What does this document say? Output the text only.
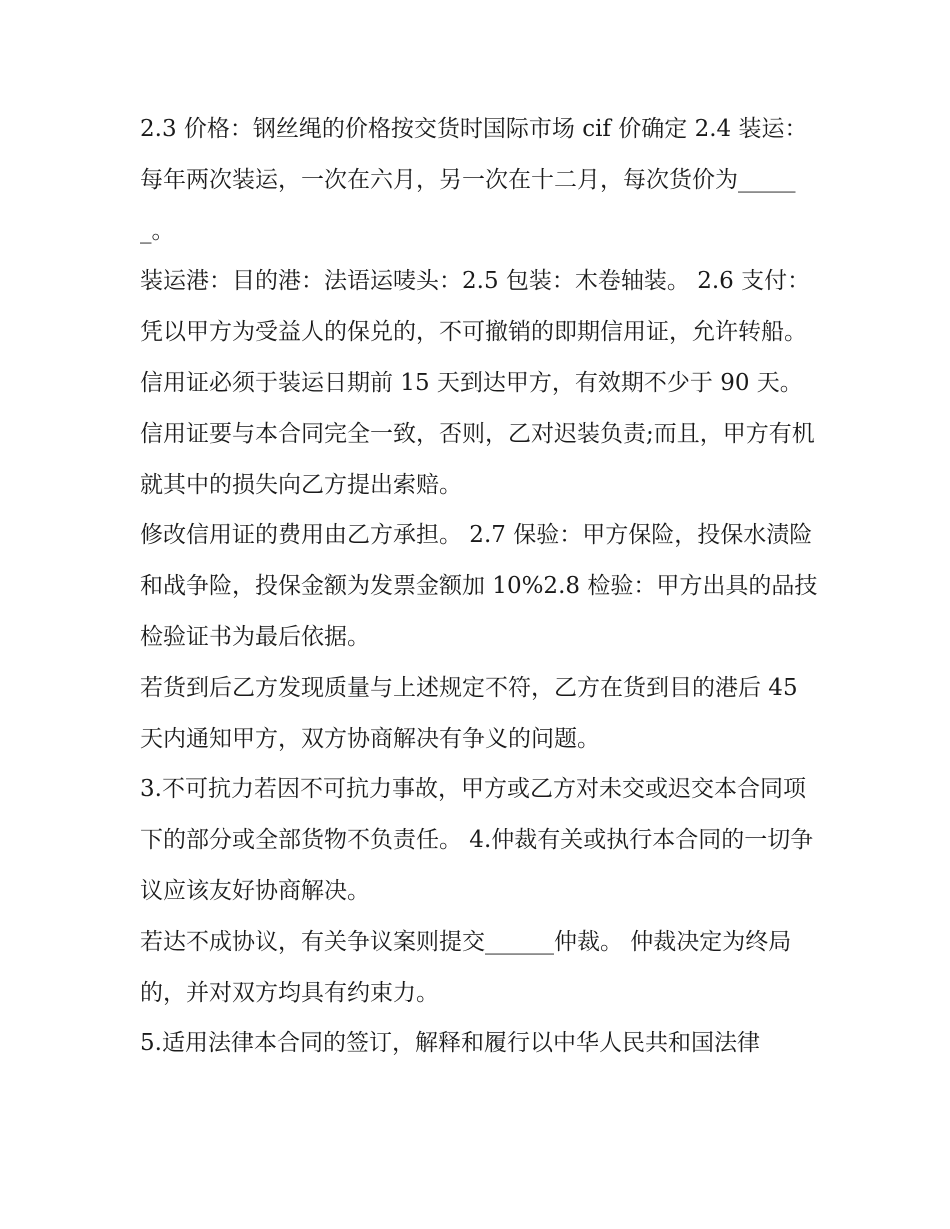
2.3 价格：钢丝绳的价格按交货时国际市场 cif 价确定 2.4 装运：每年两次装运，一次在六月，另一次在十二月，每次货价为______。

装运港：目的港：法语运唛头：2.5 包装：木卷轴装。 2.6 支付：凭以甲方为受益人的保兑的，不可撤销的即期信用证，允许转船。

信用证必须于装运日期前 15 天到达甲方，有效期不少于 90 天。 信用证要与本合同完全一致，否则，乙对迟装负责;而且，甲方有机就其中的损失向乙方提出索赔。

修改信用证的费用由乙方承担。 2.7 保验：甲方保险，投保水渍险和战争险，投保金额为发票金额加 10%2.8 检验：甲方出具的品技检验证书为最后依据。

若货到后乙方发现质量与上述规定不符，乙方在货到目的港后 45 天内通知甲方，双方协商解决有争义的问题。

3.不可抗力若因不可抗力事故，甲方或乙方对未交或迟交本合同项下的部分或全部货物不负责任。 4.仲裁有关或执行本合同的一切争议应该友好协商解决。

若达不成协议，有关争议案则提交______仲裁。 仲裁决定为终局的，并对双方均具有约束力。

5.适用法律本合同的签订，解释和履行以中华人民共和国法律
